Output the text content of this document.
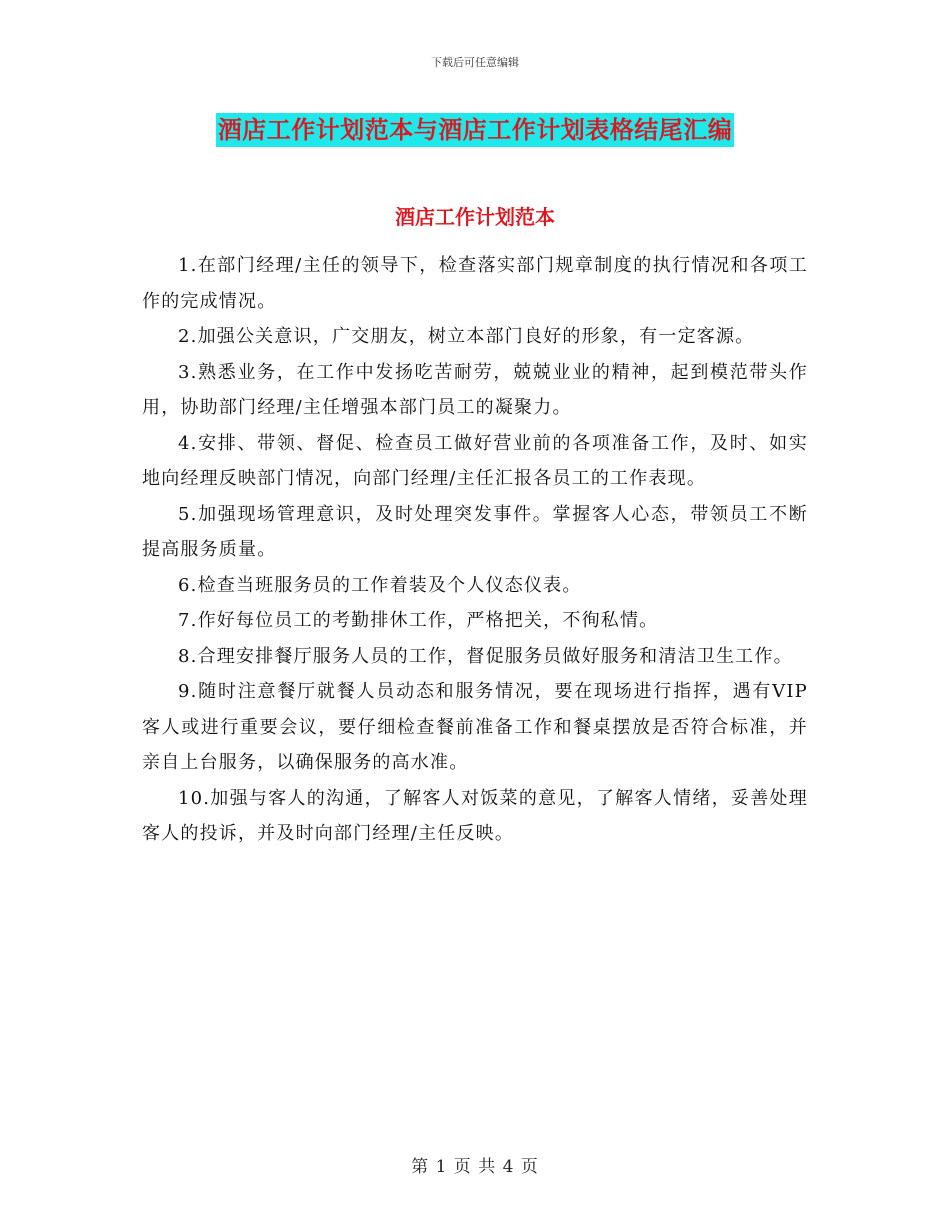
下载后可任意编辑
酒店工作计划范本与酒店工作计划表格结尾汇编
酒店工作计划范本

1.在部门经理/主任的领导下，检查落实部门规章制度的执行情况和各项工作的完成情况。

2.加强公关意识，广交朋友，树立本部门良好的形象，有一定客源。

3.熟悉业务，在工作中发扬吃苦耐劳，兢兢业业的精神，起到模范带头作用，协助部门经理/主任增强本部门员工的凝聚力。

4.安排、带领、督促、检查员工做好营业前的各项准备工作，及时、如实地向经理反映部门情况，向部门经理/主任汇报各员工的工作表现。

5.加强现场管理意识，及时处理突发事件。掌握客人心态，带领员工不断提高服务质量。

6.检查当班服务员的工作着装及个人仪态仪表。

7.作好每位员工的考勤排休工作，严格把关，不徇私情。

8.合理安排餐厅服务人员的工作，督促服务员做好服务和清洁卫生工作。

9.随时注意餐厅就餐人员动态和服务情况，要在现场进行指挥，遇有VIP客人或进行重要会议，要仔细检查餐前准备工作和餐桌摆放是否符合标准，并亲自上台服务，以确保服务的高水准。

10.加强与客人的沟通，了解客人对饭菜的意见，了解客人情绪，妥善处理客人的投诉，并及时向部门经理/主任反映。

第 1 页 共 4 页
